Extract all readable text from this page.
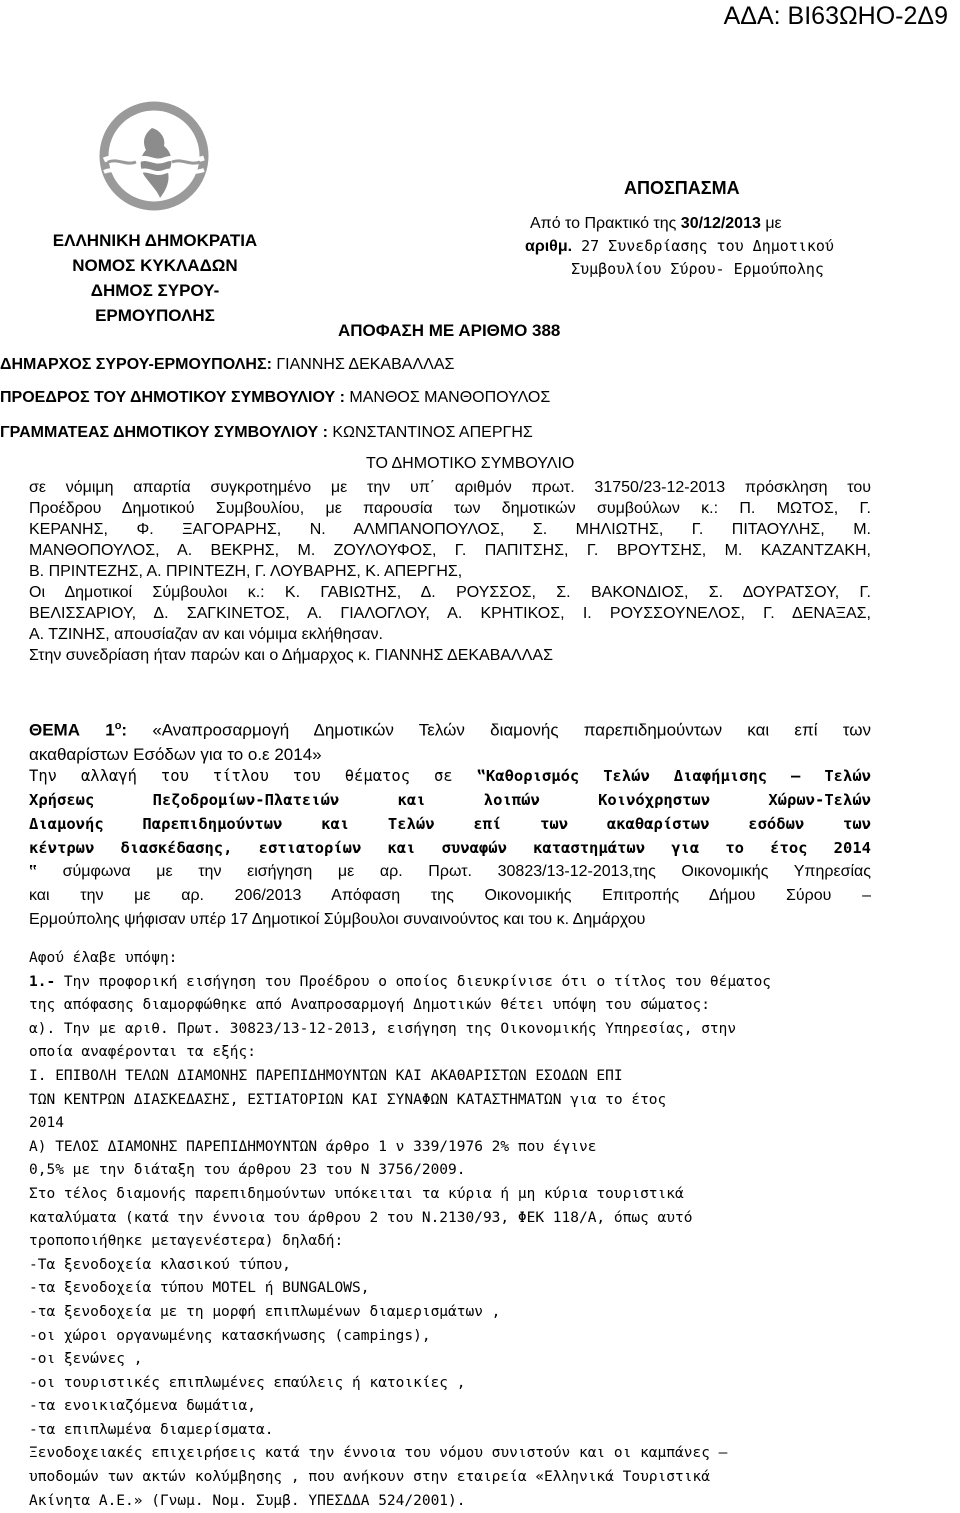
ΑΔΑ: ΒΙ63ΩΗΟ-2Δ9
ΕΛΛΗΝΙΚΗ ΔΗΜΟΚΡΑΤΙΑ
ΝΟΜΟΣ ΚΥΚΛΑΔΩΝ
ΔΗΜΟΣ ΣΥΡΟΥ-ΕΡΜΟΥΠΟΛΗΣ
ΑΠΟΣΠΑΣΜΑ
Από το Πρακτικό της 30/12/2013 με
αριθμ. 27 Συνεδρίασης του Δημοτικού
Συμβουλίου Σύρου- Ερμούπολης
ΑΠΟΦΑΣΗ ΜΕ ΑΡΙΘΜΟ 388
ΔΗΜΑΡΧΟΣ ΣΥΡΟΥ-ΕΡΜΟΥΠΟΛΗΣ: ΓΙΑΝΝΗΣ ΔΕΚΑΒΑΛΛΑΣ
ΠΡΟΕΔΡΟΣ ΤΟΥ ΔΗΜΟΤΙΚΟΥ ΣΥΜΒΟΥΛΙΟΥ : ΜΑΝΘΟΣ ΜΑΝΘΟΠΟΥΛΟΣ
ΓΡΑΜΜΑΤΕΑΣ ΔΗΜΟΤΙΚΟΥ ΣΥΜΒΟΥΛΙΟΥ : ΚΩΝΣΤΑΝΤΙΝΟΣ ΑΠΕΡΓΗΣ
ΤΟ ΔΗΜΟΤΙΚΟ ΣΥΜΒΟΥΛΙΟ
σε νόμιμη απαρτία συγκροτημένο με την υπ΄ αριθμόν πρωτ. 31750/23-12-2013 πρόσκληση του
Προέδρου Δημοτικού Συμβουλίου, με παρουσία των δημοτικών συμβούλων κ.: Π. ΜΩΤΟΣ, Γ.
ΚΕΡΑΝΗΣ, Φ. ΞΑΓΟΡΑΡΗΣ, Ν. ΑΛΜΠΑΝΟΠΟΥΛΟΣ, Σ. ΜΗΛΙΩΤΗΣ, Γ. ΠΙΤΑΟΥΛΗΣ, Μ.
ΜΑΝΘΟΠΟΥΛΟΣ, Α. ΒΕΚΡΗΣ, Μ. ΖΟΥΛΟΥΦΟΣ, Γ. ΠΑΠΙΤΣΗΣ, Γ. ΒΡΟΥΤΣΗΣ, Μ. ΚΑΖΑΝΤΖΑΚΗ,
Β. ΠΡΙΝΤΕΖΗΣ, Α. ΠΡΙΝΤΕΖΗ, Γ. ΛΟΥΒΑΡΗΣ, Κ. ΑΠΕΡΓΗΣ,
Οι Δημοτικοί Σύμβουλοι κ.: Κ. ΓΑΒΙΩΤΗΣ, Δ. ΡΟΥΣΣΟΣ, Σ. ΒΑΚΟΝΔΙΟΣ, Σ. ΔΟΥΡΑΤΣΟΥ, Γ.
ΒΕΛΙΣΣΑΡΙΟΥ, Δ. ΣΑΓΚΙΝΕΤΟΣ, Α. ΓΙΑΛΟΓΛΟΥ, Α. ΚΡΗΤΙΚΟΣ, Ι. ΡΟΥΣΣΟΥΝΕΛΟΣ, Γ. ΔΕΝΑΞΑΣ,
Α. ΤΖΙΝΗΣ, απουσίαζαν αν και νόμιμα εκλήθησαν.
Στην συνεδρίαση ήταν παρών και ο Δήμαρχος κ. ΓΙΑΝΝΗΣ ΔΕΚΑΒΑΛΛΑΣ
ΘΕΜΑ $1^o$: «Αναπροσαρμογή Δημοτικών Τελών διαμονής παρεπιδημούντων και επί των
ακαθαρίστων Εσόδων για το ο.ε 2014»
Την αλλαγή του τίτλου του θέματος σε ‟Καθορισμός Τελών Διαφήμισης – Τελών
Χρήσεως Πεζοδρομίων-Πλατειών και λοιπών Κοινόχρηστων Χώρων-Τελών
Διαμονής Παρεπιδημούντων και Τελών επί των ακαθαρίστων εσόδων των
κέντρων διασκέδασης, εστιατορίων και συναφών καταστημάτων για το έτος 2014
‟ σύμφωνα με την εισήγηση με αρ. Πρωτ. 30823/13-12-2013,της Οικονομικής Υπηρεσίας
και την με αρ. 206/2013 Απόφαση της Οικονομικής Επιτροπής Δήμου Σύρου –
Ερμούπολης ψήφισαν υπέρ 17 Δημοτικοί Σύμβουλοι συναινούντος και του κ. Δημάρχου
Αφού έλαβε υπόψη:
1.- Την προφορική εισήγηση του Προέδρου ο οποίος διευκρίνισε ότι ο τίτλος του θέματος
της απόφασης διαμορφώθηκε από Αναπροσαρμογή Δημοτικών θέτει υπόψη του σώματος:
α). Την με αριθ. Πρωτ. 30823/13-12-2013, εισήγηση της Οικονομικής Υπηρεσίας, στην
οποία αναφέρονται τα εξής:
Ι. ΕΠΙΒΟΛΗ ΤΕΛΩΝ ΔΙΑΜΟΝΗΣ ΠΑΡΕΠΙΔΗΜΟΥΝΤΩΝ ΚΑΙ ΑΚΑΘΑΡΙΣΤΩΝ ΕΣΟΔΩΝ ΕΠΙ
ΤΩΝ ΚΕΝΤΡΩΝ ΔΙΑΣΚΕΔΑΣΗΣ, ΕΣΤΙΑΤΟΡΙΩΝ ΚΑΙ ΣΥΝΑΦΩΝ ΚΑΤΑΣΤΗΜΑΤΩΝ για το έτος
2014
Α) ΤΕΛΟΣ ΔΙΑΜΟΝΗΣ ΠΑΡΕΠΙΔΗΜΟΥΝΤΩΝ άρθρο 1 ν 339/1976 2% που έγινε
0,5% με την διάταξη του άρθρου 23 του Ν 3756/2009.
Στο τέλος διαμονής παρεπιδημούντων υπόκειται τα κύρια ή μη κύρια τουριστικά
καταλύματα (κατά την έννοια του άρθρου 2 του Ν.2130/93, ΦΕΚ 118/Α, όπως αυτό
τροποποιήθηκε μεταγενέστερα) δηλαδή:
-Τα ξενοδοχεία κλασικού τύπου,
-τα ξενοδοχεία τύπου MOTEL ή BUNGALOWS,
-τα ξενοδοχεία με τη μορφή επιπλωμένων διαμερισμάτων ,
-οι χώροι οργανωμένης κατασκήνωσης (campings),
-οι ξενώνες ,
-οι τουριστικές επιπλωμένες επαύλεις ή κατοικίες ,
-τα ενοικιαζόμενα δωμάτια,
-τα επιπλωμένα διαμερίσματα.
Ξενοδοχειακές επιχειρήσεις κατά την έννοια του νόμου συνιστούν και οι καμπάνες –
υποδομών των ακτών κολύμβησης , που ανήκουν στην εταιρεία «Ελληνικά Τουριστικά
Ακίνητα Α.Ε.» (Γνωμ. Νομ. Συμβ. ΥΠΕΣΔΔΑ 524/2001).
